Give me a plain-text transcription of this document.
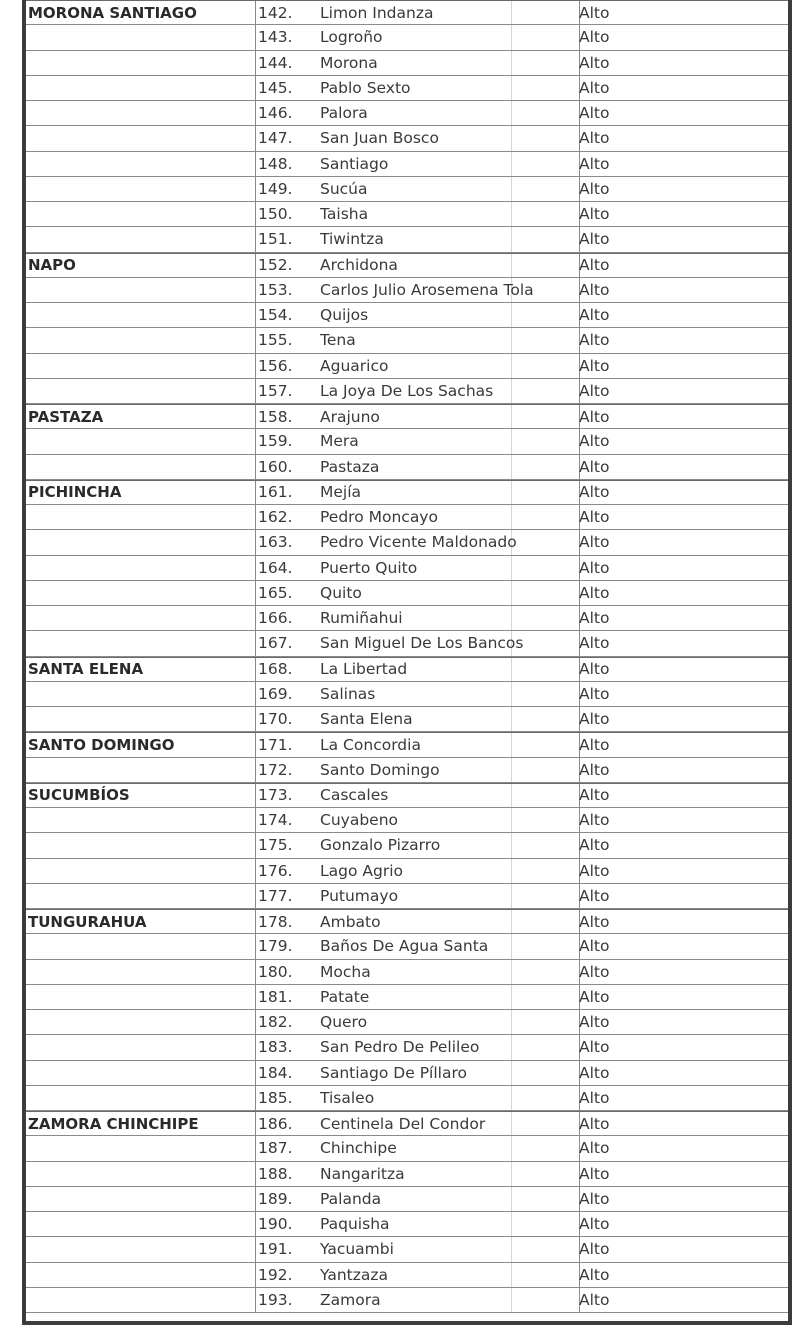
MORONA SANTIAGO	142.	Limon Indanza	Alto
143.	Logroño	Alto
144.	Morona	Alto
145.	Pablo Sexto	Alto
146.	Palora	Alto
147.	San Juan Bosco	Alto
148.	Santiago	Alto
149.	Sucúa	Alto
150.	Taisha	Alto
151.	Tiwintza	Alto
NAPO	152.	Archidona	Alto
153.	Carlos Julio Arosemena Tola	Alto
154.	Quijos	Alto
155.	Tena	Alto
156.	Aguarico	Alto
157.	La Joya De Los Sachas	Alto
PASTAZA	158.	Arajuno	Alto
159.	Mera	Alto
160.	Pastaza	Alto
PICHINCHA	161.	Mejía	Alto
162.	Pedro Moncayo	Alto
163.	Pedro Vicente Maldonado	Alto
164.	Puerto Quito	Alto
165.	Quito	Alto
166.	Rumiñahui	Alto
167.	San Miguel De Los Bancos	Alto
SANTA ELENA	168.	La Libertad	Alto
169.	Salinas	Alto
170.	Santa Elena	Alto
SANTO DOMINGO	171.	La Concordia	Alto
172.	Santo Domingo	Alto
SUCUMBÍOS	173.	Cascales	Alto
174.	Cuyabeno	Alto
175.	Gonzalo Pizarro	Alto
176.	Lago Agrio	Alto
177.	Putumayo	Alto
TUNGURAHUA	178.	Ambato	Alto
179.	Baños De Agua Santa	Alto
180.	Mocha	Alto
181.	Patate	Alto
182.	Quero	Alto
183.	San Pedro De Pelileo	Alto
184.	Santiago De Píllaro	Alto
185.	Tisaleo	Alto
ZAMORA CHINCHIPE	186.	Centinela Del Condor	Alto
187.	Chinchipe	Alto
188.	Nangaritza	Alto
189.	Palanda	Alto
190.	Paquisha	Alto
191.	Yacuambi	Alto
192.	Yantzaza	Alto
193.	Zamora	Alto
